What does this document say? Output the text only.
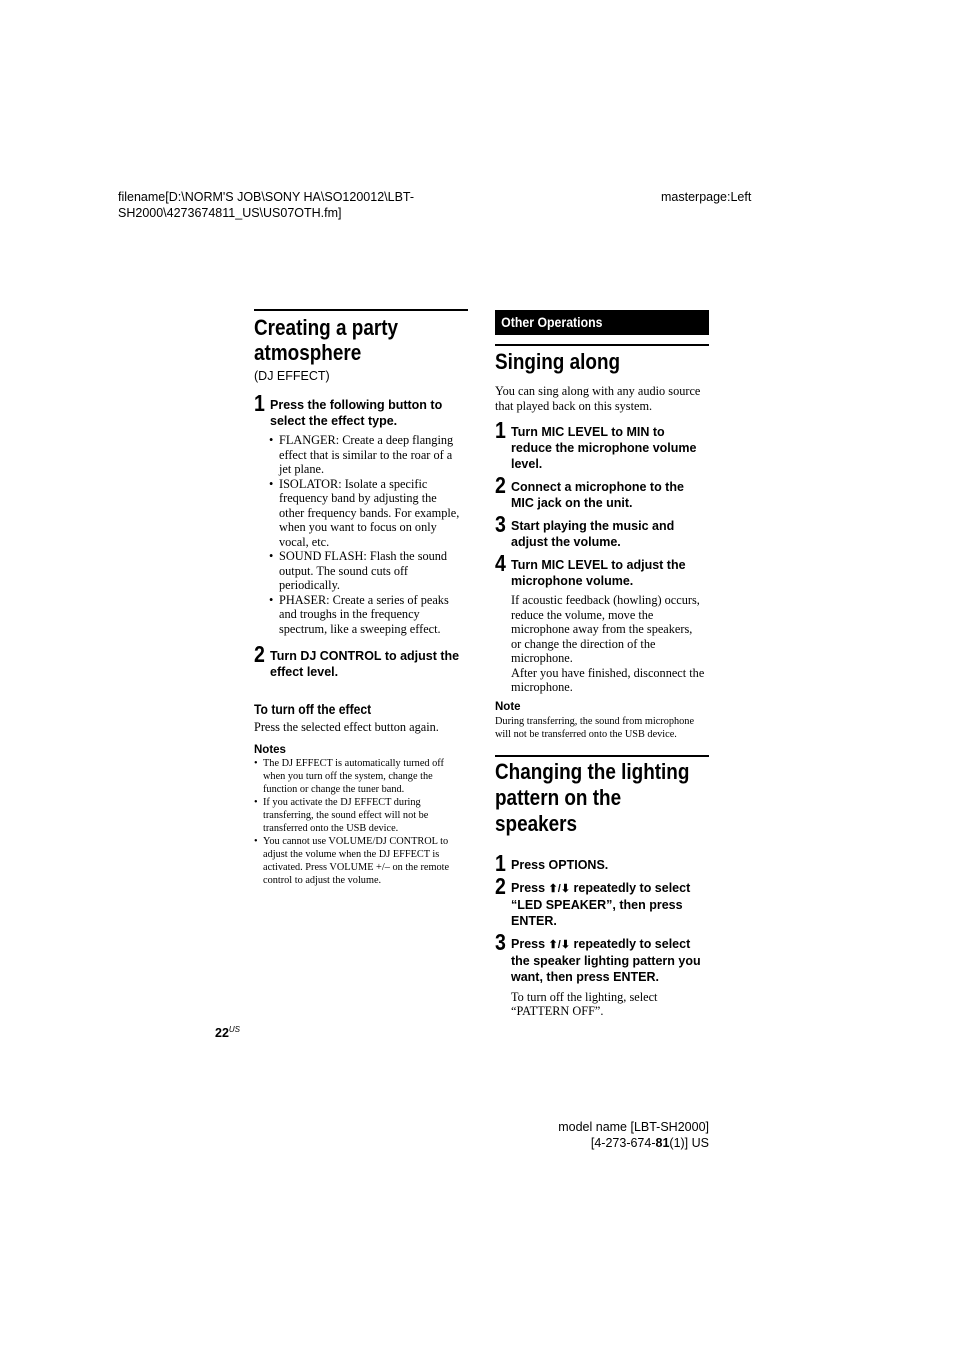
filename[D:\NORM'S JOB\SONY HA\SO120012\LBT-
SH2000\4273674811_US\US07OTH.fm]
masterpage:Left
Creating a party
atmosphere
(DJ EFFECT)
1 Press the following button to select the effect type.
• FLANGER: Create a deep flanging
effect that is similar to the roar of a
jet plane.
• ISOLATOR: Isolate a specific
frequency band by adjusting the
other frequency bands. For example,
when you want to focus on only
vocal, etc.
• SOUND FLASH: Flash the sound
output. The sound cuts off
periodically.
• PHASER: Create a series of peaks
and troughs in the frequency
spectrum, like a sweeping effect.
2 Turn DJ CONTROL to adjust the effect level.
To turn off the effect
Press the selected effect button again.
Notes
• The DJ EFFECT is automatically turned off
when you turn off the system, change the
function or change the tuner band.
• If you activate the DJ EFFECT during
transferring, the sound effect will not be
transferred onto the USB device.
• You cannot use VOLUME/DJ CONTROL to
adjust the volume when the DJ EFFECT is
activated. Press VOLUME +/– on the remote
control to adjust the volume.
Other Operations
Singing along
You can sing along with any audio source
that played back on this system.
1 Turn MIC LEVEL to MIN to
reduce the microphone volume
level.
2 Connect a microphone to the
MIC jack on the unit.
3 Start playing the music and
adjust the volume.
4 Turn MIC LEVEL to adjust the
microphone volume.
If acoustic feedback (howling) occurs,
reduce the volume, move the
microphone away from the speakers,
or change the direction of the
microphone.
After you have finished, disconnect the
microphone.
Note
During transferring, the sound from microphone
will not be transferred onto the USB device.
Changing the lighting
pattern on the
speakers
1 Press OPTIONS.
2 Press ⬆/⬇ repeatedly to select
“LED SPEAKER”, then press
ENTER.
3 Press ⬆/⬇ repeatedly to select
the speaker lighting pattern you
want, then press ENTER.
To turn off the lighting, select
“PATTERN OFF”.
$22^{US}$
model name [LBT-SH2000]
[4-273-674-81(1)] US
